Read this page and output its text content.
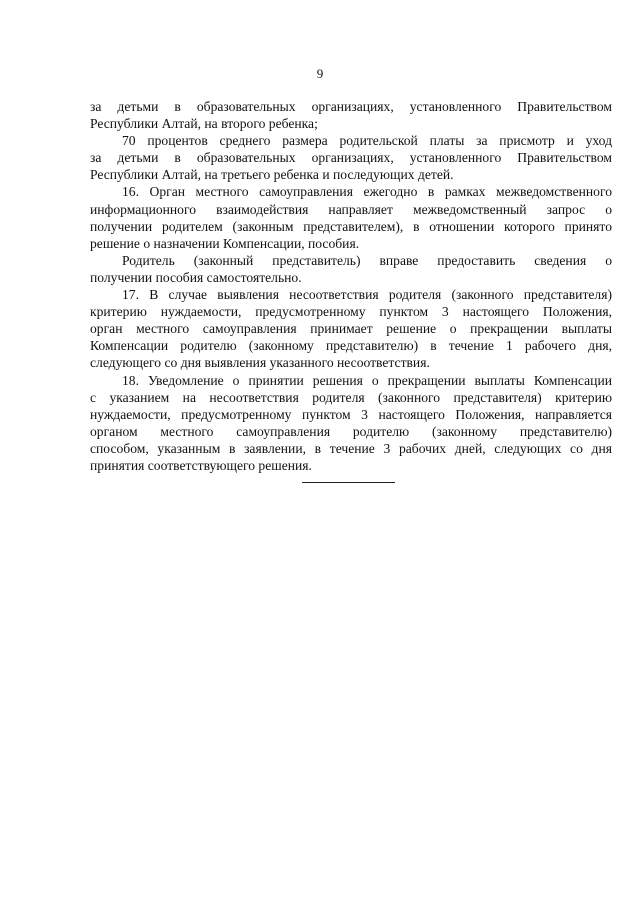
9

за детьми в образовательных организациях, установленного Правительством
Республики Алтай, на второго ребенка;

70 процентов среднего размера родительской платы за присмотр и уход
за детьми в образовательных организациях, установленного Правительством
Республики Алтай, на третьего ребенка и последующих детей.

16. Орган местного самоуправления ежегодно в рамках межведомственного
информационного взаимодействия направляет межведомственный запрос о
получении родителем (законным представителем), в отношении которого принято
решение о назначении Компенсации, пособия.

Родитель (законный представитель) вправе предоставить сведения о
получении пособия самостоятельно.

17. В случае выявления несоответствия родителя (законного представителя)
критерию нуждаемости, предусмотренному пунктом 3 настоящего Положения,
орган местного самоуправления принимает решение о прекращении выплаты
Компенсации родителю (законному представителю) в течение 1 рабочего дня,
следующего со дня выявления указанного несоответствия.

18. Уведомление о принятии решения о прекращении выплаты Компенсации
с указанием на несоответствия родителя (законного представителя) критерию
нуждаемости, предусмотренному пунктом 3 настоящего Положения, направляется
органом местного самоуправления родителю (законному представителю)
способом, указанным в заявлении, в течение 3 рабочих дней, следующих со дня
принятия соответствующего решения.
